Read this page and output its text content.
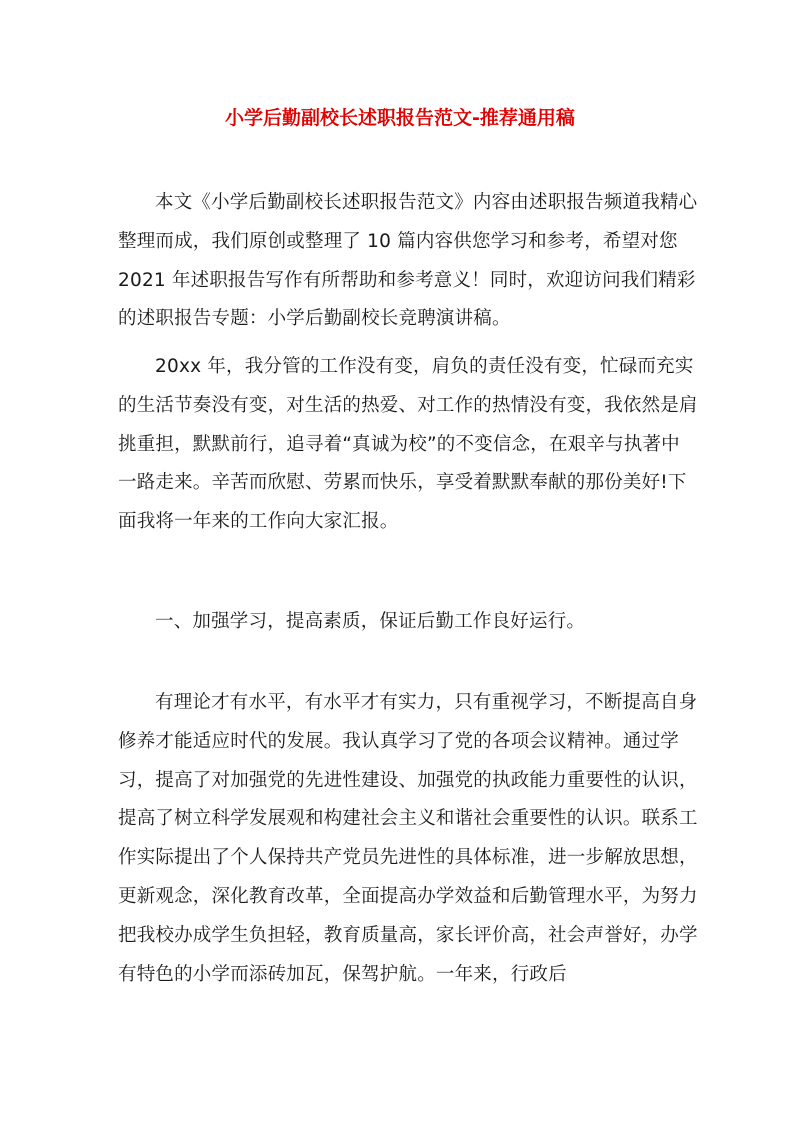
小学后勤副校长述职报告范文-推荐通用稿

本文《小学后勤副校长述职报告范文》内容由述职报告频道我精心整理而成，我们原创或整理了 10 篇内容供您学习和参考，希望对您 2021 年述职报告写作有所帮助和参考意义！同时，欢迎访问我们精彩的述职报告专题：小学后勤副校长竞聘演讲稿。

20xx 年，我分管的工作没有变，肩负的责任没有变，忙碌而充实的生活节奏没有变，对生活的热爱、对工作的热情没有变，我依然是肩挑重担，默默前行，追寻着“真诚为校”的不变信念，在艰辛与执著中一路走来。辛苦而欣慰、劳累而快乐，享受着默默奉献的那份美好!下面我将一年来的工作向大家汇报。

一、加强学习，提高素质，保证后勤工作良好运行。

有理论才有水平，有水平才有实力，只有重视学习，不断提高自身修养才能适应时代的发展。我认真学习了党的各项会议精神。通过学习，提高了对加强党的先进性建设、加强党的执政能力重要性的认识，提高了树立科学发展观和构建社会主义和谐社会重要性的认识。联系工作实际提出了个人保持共产党员先进性的具体标准，进一步解放思想，更新观念，深化教育改革，全面提高办学效益和后勤管理水平，为努力把我校办成学生负担轻，教育质量高，家长评价高，社会声誉好，办学有特色的小学而添砖加瓦，保驾护航。一年来，行政后
